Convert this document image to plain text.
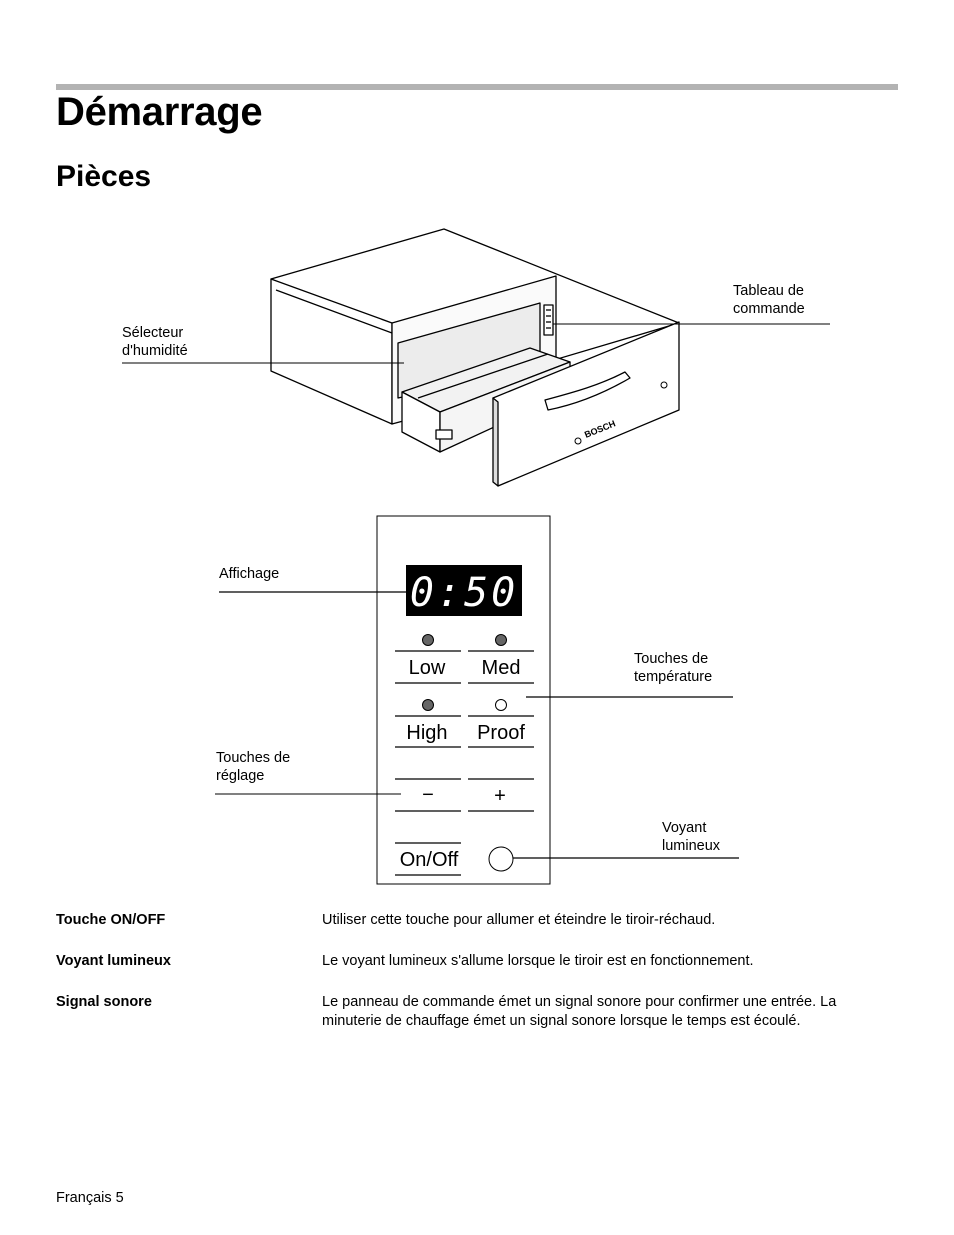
Démarrage
Pièces
BOSCH
Tableau de
commande
Sélecteur
d'humidité
0:50
Low Med
High Proof
−	+
On/Off
Affichage
Touches de
température
Touches de
réglage
Voyant
lumineux
Touche ON/OFF	Utiliser cette touche pour allumer et éteindre le tiroir-réchaud.
Voyant lumineux	Le voyant lumineux s'allume lorsque le tiroir est en fonctionnement.
Signal sonore	Le panneau de commande émet un signal sonore pour confirmer une entrée. La minuterie de chauffage émet un signal sonore lorsque le temps est écoulé.
Français 5
